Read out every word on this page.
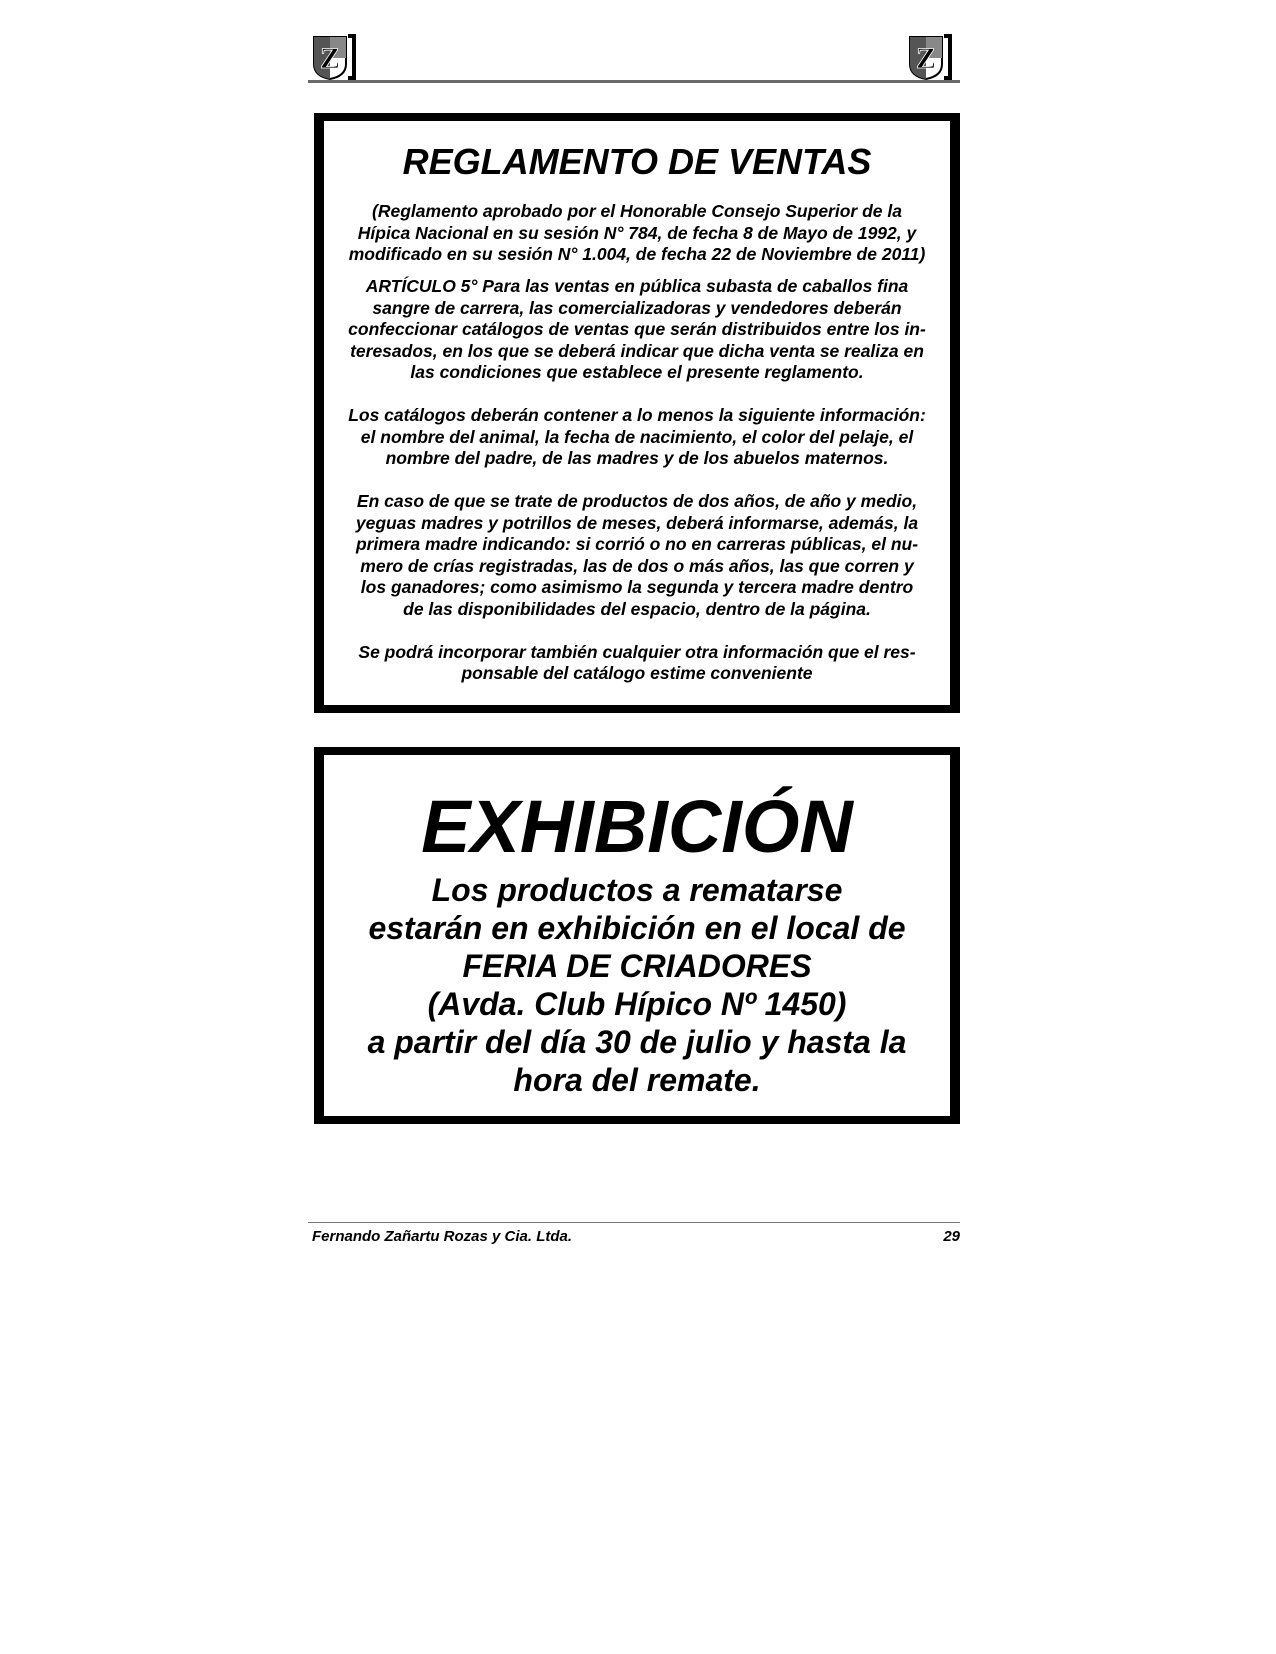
Z	Z
REGLAMENTO DE VENTAS
(Reglamento aprobado por el Honorable Consejo Superior de la
Hípica Nacional en su sesión N° 784, de fecha 8 de Mayo de 1992, y
modificado en su sesión N° 1.004, de fecha 22 de Noviembre de 2011)
ARTÍCULO 5° Para las ventas en pública subasta de caballos fina
sangre de carrera, las comercializadoras y vendedores deberán
confeccionar catálogos de ventas que serán distribuidos entre los in-
teresados, en los que se deberá indicar que dicha venta se realiza en
las condiciones que establece el presente reglamento.
Los catálogos deberán contener a lo menos la siguiente información:
el nombre del animal, la fecha de nacimiento, el color del pelaje, el
nombre del padre, de las madres y de los abuelos maternos.
En caso de que se trate de productos de dos años, de año y medio,
yeguas madres y potrillos de meses, deberá informarse, además, la
primera madre indicando: si corrió o no en carreras públicas, el nu-
mero de crías registradas, las de dos o más años, las que corren y
los ganadores; como asimismo la segunda y tercera madre dentro
de las disponibilidades del espacio, dentro de la página.
Se podrá incorporar también cualquier otra información que el res-
ponsable del catálogo estime conveniente
EXHIBICIÓN
Los productos a rematarse
estarán en exhibición en el local de
FERIA DE CRIADORES
(Avda. Club Hípico Nº 1450)
a partir del día 30 de julio y hasta la
hora del remate.
Fernando Zañartu Rozas y Cia. Ltda.	29
